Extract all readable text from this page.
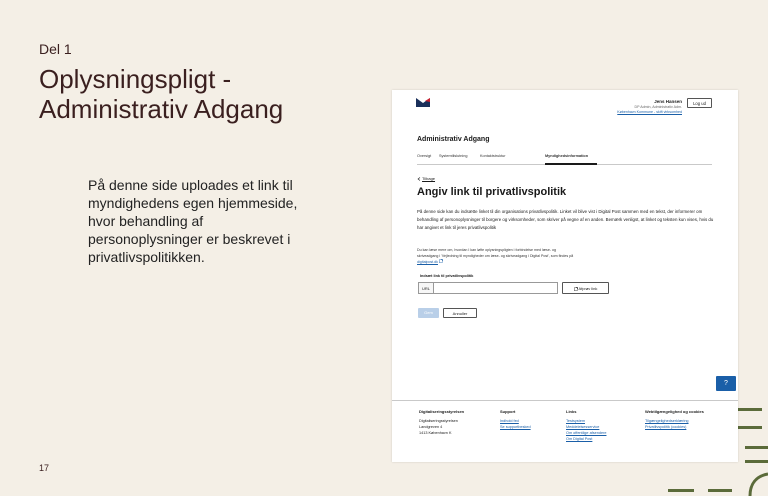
Del 1
Oplysningspligt - Administrativ Adgang
På denne side uploades et link til myndighedens egen hjemmeside, hvor behandling af personoplysninger er beskrevet i privatlivspolitikken.
17
Jens Hansen
DP Admin, Administrativ Adm.
København Kommune - skift virksomhed
Log ud
Administrativ Adgang
Oversigt Systemtilslutning	Kontaktstruktur	Myndighedsinformation
Tilbage
Angiv link til privatlivspolitik
På denne side kan du indsætte linket til din organisations privatlivspolitik. Linket vil blive vist i Digital Post sammen med en tekst, der informerer om behandling af personoplysninger til borgere og virksomheder, som skriver på vegne af en anden. Bemærk venligst, at linket og teksten kun vises, hvis du har angivet et link til jeres privatlivspolitik
Du kan læse mere om, hvordan I kan løfte oplysningspligten i forbindelse med læse- og skriveadgang i 'Vejledning til myndigheder om læse- og skriveadgang i Digital Post', som findes på digitalpost.dk
Indsæt link til privatlivspolitik
URL	Afprøv link
Gem	Annuller
?
Digitaliseringsstyrelsen
Digitaliseringsstyrelsen
Landgreven 4
1413 København K
Support
Indhold fed
Se supportbesked
Links
Testsystem
Meddelelsesservice
Om offentlige afsendere
Om Digital Post
Webtilgængelighed og cookies
Tilgængelighedserklæring
Privatlivspolitik (cookies)
